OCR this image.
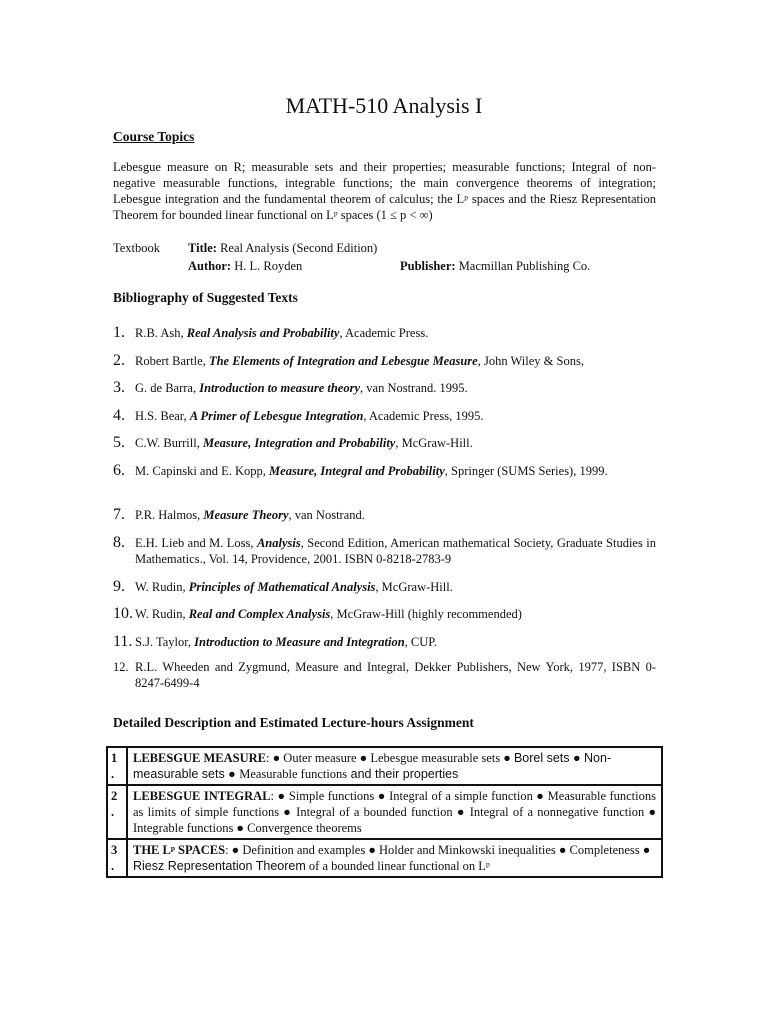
MATH-510 Analysis I
Course Topics
Lebesgue measure on R; measurable sets and their properties; measurable functions; Integral of non-negative measurable functions, integrable functions; the main convergence theorems of integration; Lebesgue integration and the fundamental theorem of calculus; the Lᵖ spaces and the Riesz Representation Theorem for bounded linear functional on Lᵖ spaces (1 ≤ p < ∞)
Textbook Title: Real Analysis (Second Edition)
Author: H. L. Royden	Publisher: Macmillan Publishing Co.
Bibliography of Suggested Texts
1. R.B. Ash, Real Analysis and Probability, Academic Press.
2. Robert Bartle, The Elements of Integration and Lebesgue Measure, John Wiley & Sons,
3. G. de Barra, Introduction to measure theory, van Nostrand. 1995.
4. H.S. Bear, A Primer of Lebesgue Integration, Academic Press, 1995.
5. C.W. Burrill, Measure, Integration and Probability, McGraw-Hill.
6. M. Capinski and E. Kopp, Measure, Integral and Probability, Springer (SUMS Series), 1999.
7. P.R. Halmos, Measure Theory, van Nostrand.
8. E.H. Lieb and M. Loss, Analysis, Second Edition, American mathematical Society, Graduate Studies in Mathematics., Vol. 14, Providence, 2001. ISBN 0-8218-2783-9
9. W. Rudin, Principles of Mathematical Analysis, McGraw-Hill.
10. W. Rudin, Real and Complex Analysis, McGraw-Hill (highly recommended)
11. S.J. Taylor, Introduction to Measure and Integration, CUP.
12. R.L. Wheeden and Zygmund, Measure and Integral, Dekker Publishers, New York, 1977, ISBN 0-8247-6499-4
Detailed Description and Estimated Lecture-hours Assignment
1
.	LEBESGUE MEASURE: ● Outer measure ● Lebesgue measurable sets ● Borel sets ● Non-measurable sets ● Measurable functions and their properties
2
.	LEBESGUE INTEGRAL: ● Simple functions ● Integral of a simple function ● Measurable functions as limits of simple functions ● Integral of a bounded function ● Integral of a nonnegative function ● Integrable functions ● Convergence theorems
3
.	THE Lᵖ SPACES: ● Definition and examples ● Holder and Minkowski inequalities ● Completeness ● Riesz Representation Theorem of a bounded linear functional on Lᵖ
